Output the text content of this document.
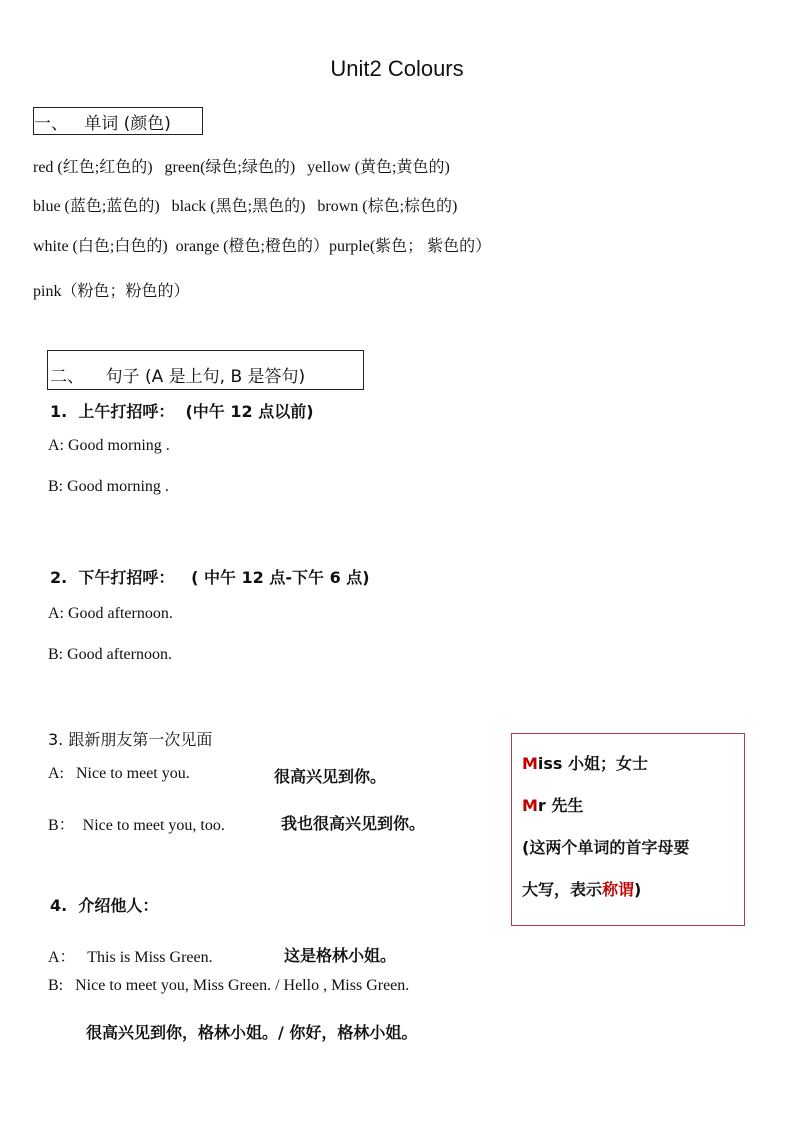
Unit2 Colours
一、   单词 (颜色)
red (红色;红色的)   green(绿色;绿色的)   yellow (黄色;黄色的)
blue (蓝色;蓝色的)   black (黑色;黑色的)   brown (棕色;棕色的)
white (白色;白色的)  orange (橙色;橙色的）purple(紫色； 紫色的）
pink（粉色；粉色的）
二、    句子 (A 是上句, B 是答句)
1.  上午打招呼：  (中午 12 点以前)
A: Good morning .
B: Good morning .
2.  下午打招呼：   ( 中午 12 点-下午 6 点)
A: Good afternoon.
B: Good afternoon.
3. 跟新朋友第一次见面
A:   Nice to meet you.	很高兴见到你。
B：  Nice to meet you, too.	我也很高兴见到你。
4.  介绍他人：
A：   This is Miss Green.	这是格林小姐。
B:   Nice to meet you, Miss Green. / Hello , Miss Green.
很高兴见到你，格林小姐。/ 你好，格林小姐。
Miss 小姐；女士
Mr 先生
(这两个单词的首字母要
大写，表示称谓)
